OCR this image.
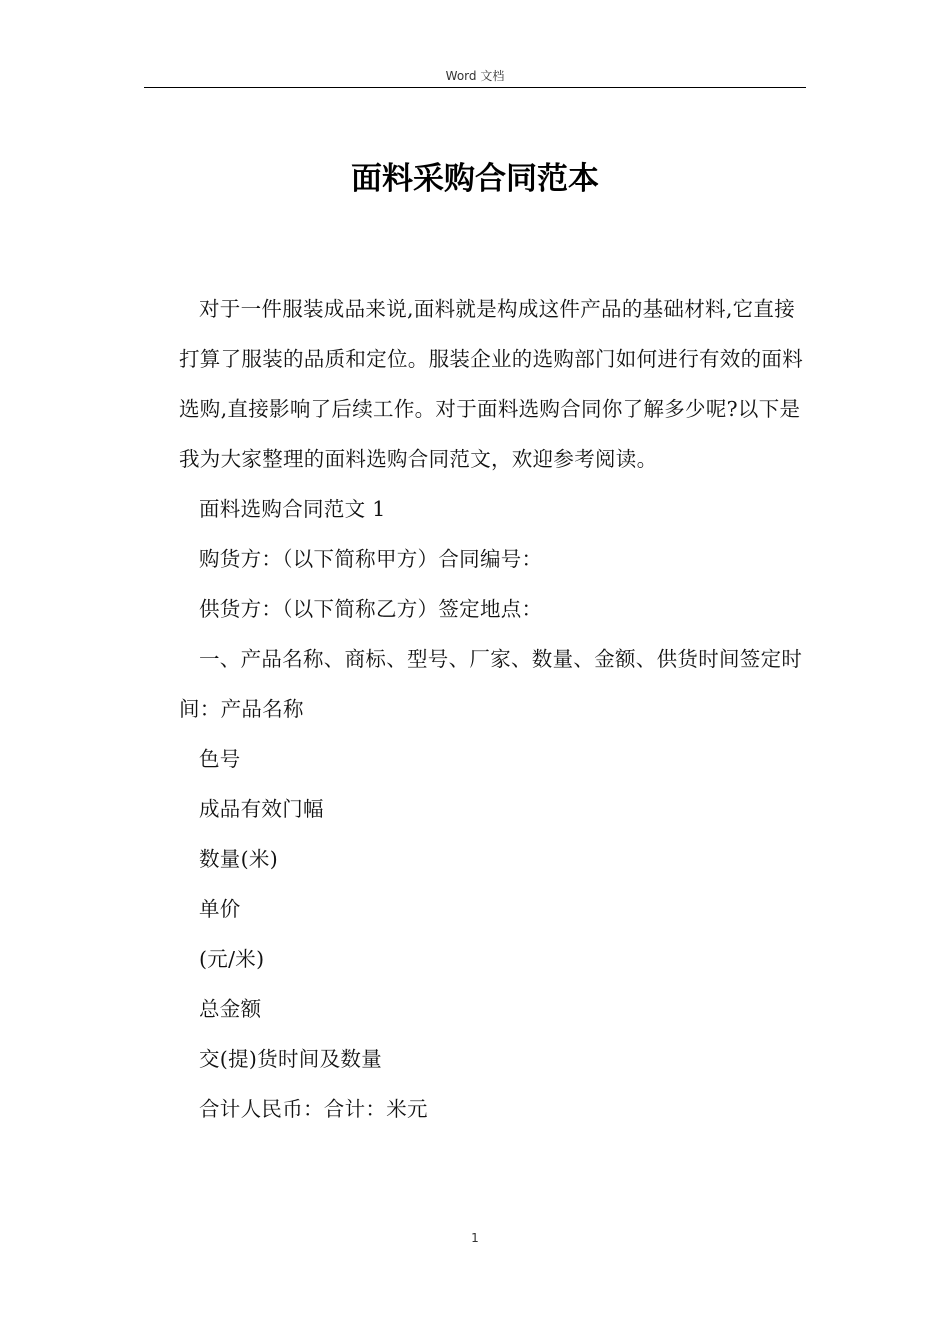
Word 文档
面料采购合同范本

对于一件服装成品来说,面料就是构成这件产品的基础材料,它直接打算了服装的品质和定位。服装企业的选购部门如何进行有效的面料选购,直接影响了后续工作。对于面料选购合同你了解多少呢?以下是我为大家整理的面料选购合同范文，欢迎参考阅读。

面料选购合同范文 1

购货方：（以下简称甲方）合同编号：

供货方：（以下简称乙方）签定地点：

一、产品名称、商标、型号、厂家、数量、金额、供货时间签定时间：产品名称

色号

成品有效门幅

数量(米)

单价

(元/米)

总金额

交(提)货时间及数量

合计人民币：合计：米元

1
